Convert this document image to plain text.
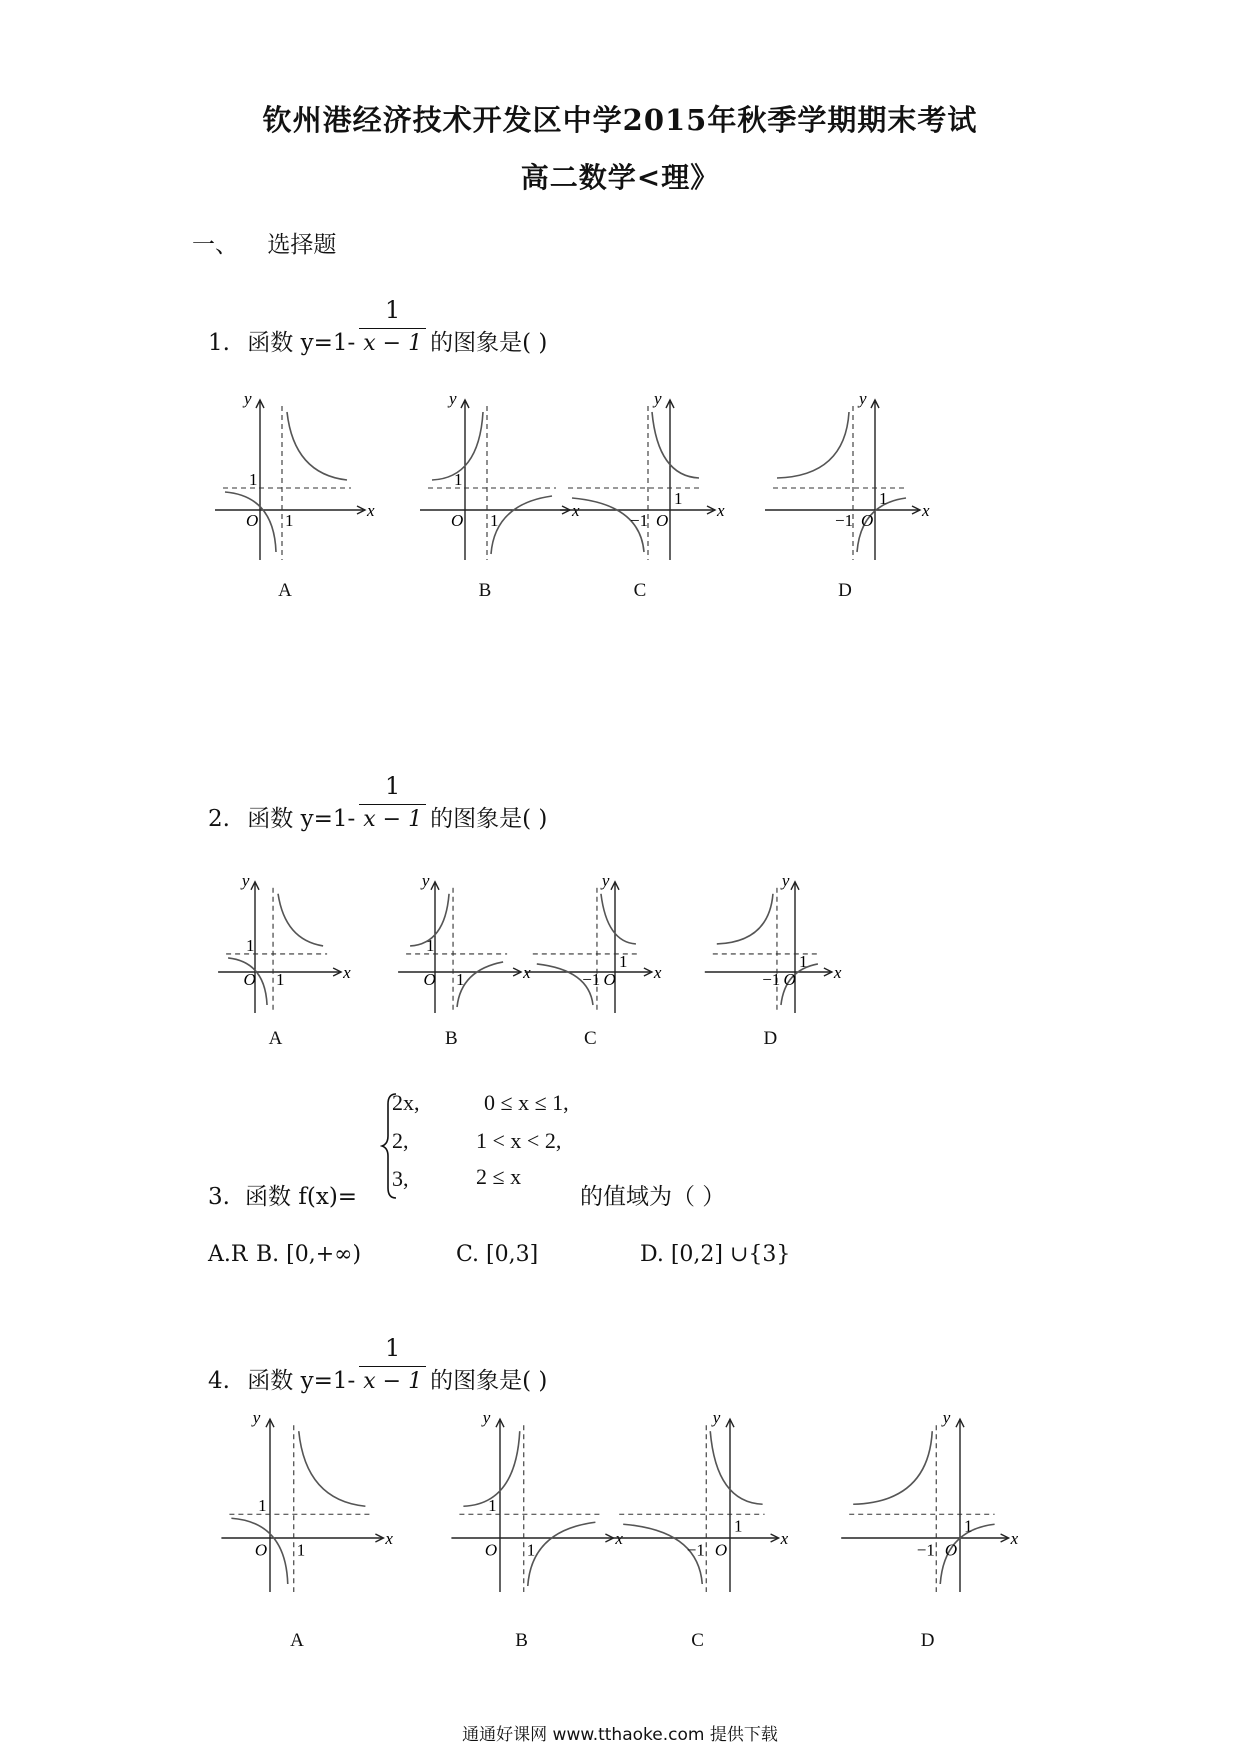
钦州港经济技术开发区中学2015年秋季学期期末考试
高二数学<理》
一、 选择题
1. 函数 $y=1- \frac{1}{x - 1}$ 的图象是( )
y
x
O
1
1
y
x
O
1
1
y
x
O
1
−1
y
x
O
1
−1
2. 函数 $y=1- \frac{1}{x - 1}$ 的图象是( )
y
x
O
1
1
y
x
O
1
1
y
x
O
1
−1
y
x
O
1
−1
3. 函数 f(x)=
2x,	0 ≤ x ≤ 1,
2,	1 < x < 2,
3,	2 ≤ x
的值域为（ ）
A.R B. [0,+∞)	C. [0,3]	D. [0,2] ∪{3}
4. 函数 $y=1- \frac{1}{x - 1}$ 的图象是( )
y
x
O
1
1
y
x
O
1
1
y
x
O
1
−1
y
x
O
1
−1
通通好课网 www.tthaoke.com 提供下载
A	B	C	D
A	B	C	D
A	B	C	D
